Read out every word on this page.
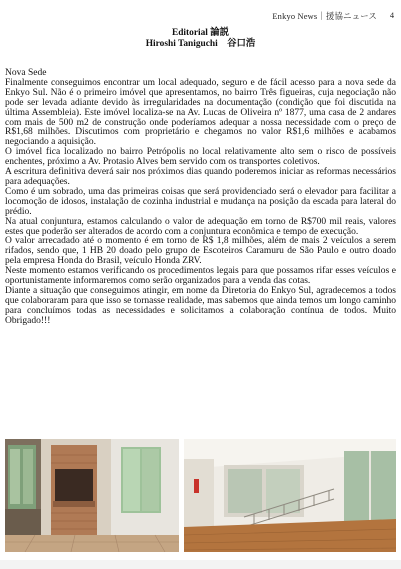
Enkyo News｜援協ニュース 4
Editorial 論説
Hiroshi Taniguchi　谷口浩

Nova Sede

Finalmente conseguimos encontrar um local adequado, seguro e de fácil acesso para a nova sede da Enkyo Sul. Não é o primeiro imóvel que apresentamos, no bairro Três figueiras, cuja negociação não pode ser levada adiante devido às irregularidades na documentação (condição que foi discutida na última Assembleia). Este imóvel localiza-se na Av. Lucas de Oliveira nº 1877, uma casa de 2 andares com mais de 500 m2 de construção onde poderíamos adequar a nossa necessidade com o preço de R$1,68 milhões. Discutimos com proprietário e chegamos no valor R$1,6 milhões e acabamos negociando a aquisição.

O imóvel fica localizado no bairro Petrópolis no local relativamente alto sem o risco de possíveis enchentes, próximo a Av. Protasio Alves bem servido com os transportes coletivos.

A escritura definitiva deverá sair nos próximos dias quando poderemos iniciar as reformas necessários para adequações.

Como é um sobrado, uma das primeiras coisas que será providenciado será o elevador para facilitar a locomoção de idosos, instalação de cozinha industrial e mudança na posição da escada para lateral do prédio.

Na atual conjuntura, estamos calculando o valor de adequação em torno de R$700 mil reais, valores estes que poderão ser alterados de acordo com a conjuntura econômica e tempo de execução.

O valor arrecadado até o momento é em torno de R$ 1,8 milhões, além de mais 2 veículos a serem rifados, sendo que, 1 HB 20 doado pelo grupo de Escoteiros Caramuru de São Paulo e outro doado pela empresa Honda do Brasil, veículo Honda ZRV.

Neste momento estamos verificando os procedimentos legais para que possamos rifar esses veículos e oportunistamente informaremos como serão organizados para a venda das cotas.

Diante a situação que conseguimos atingir, em nome da Diretoria do Enkyo Sul, agradecemos a todos que colaboraram para que isso se tornasse realidade, mas sabemos que ainda temos um longo caminho para concluímos todas as necessidades e solicitamos a colaboração contínua de todos. Muito Obrigado!!!
